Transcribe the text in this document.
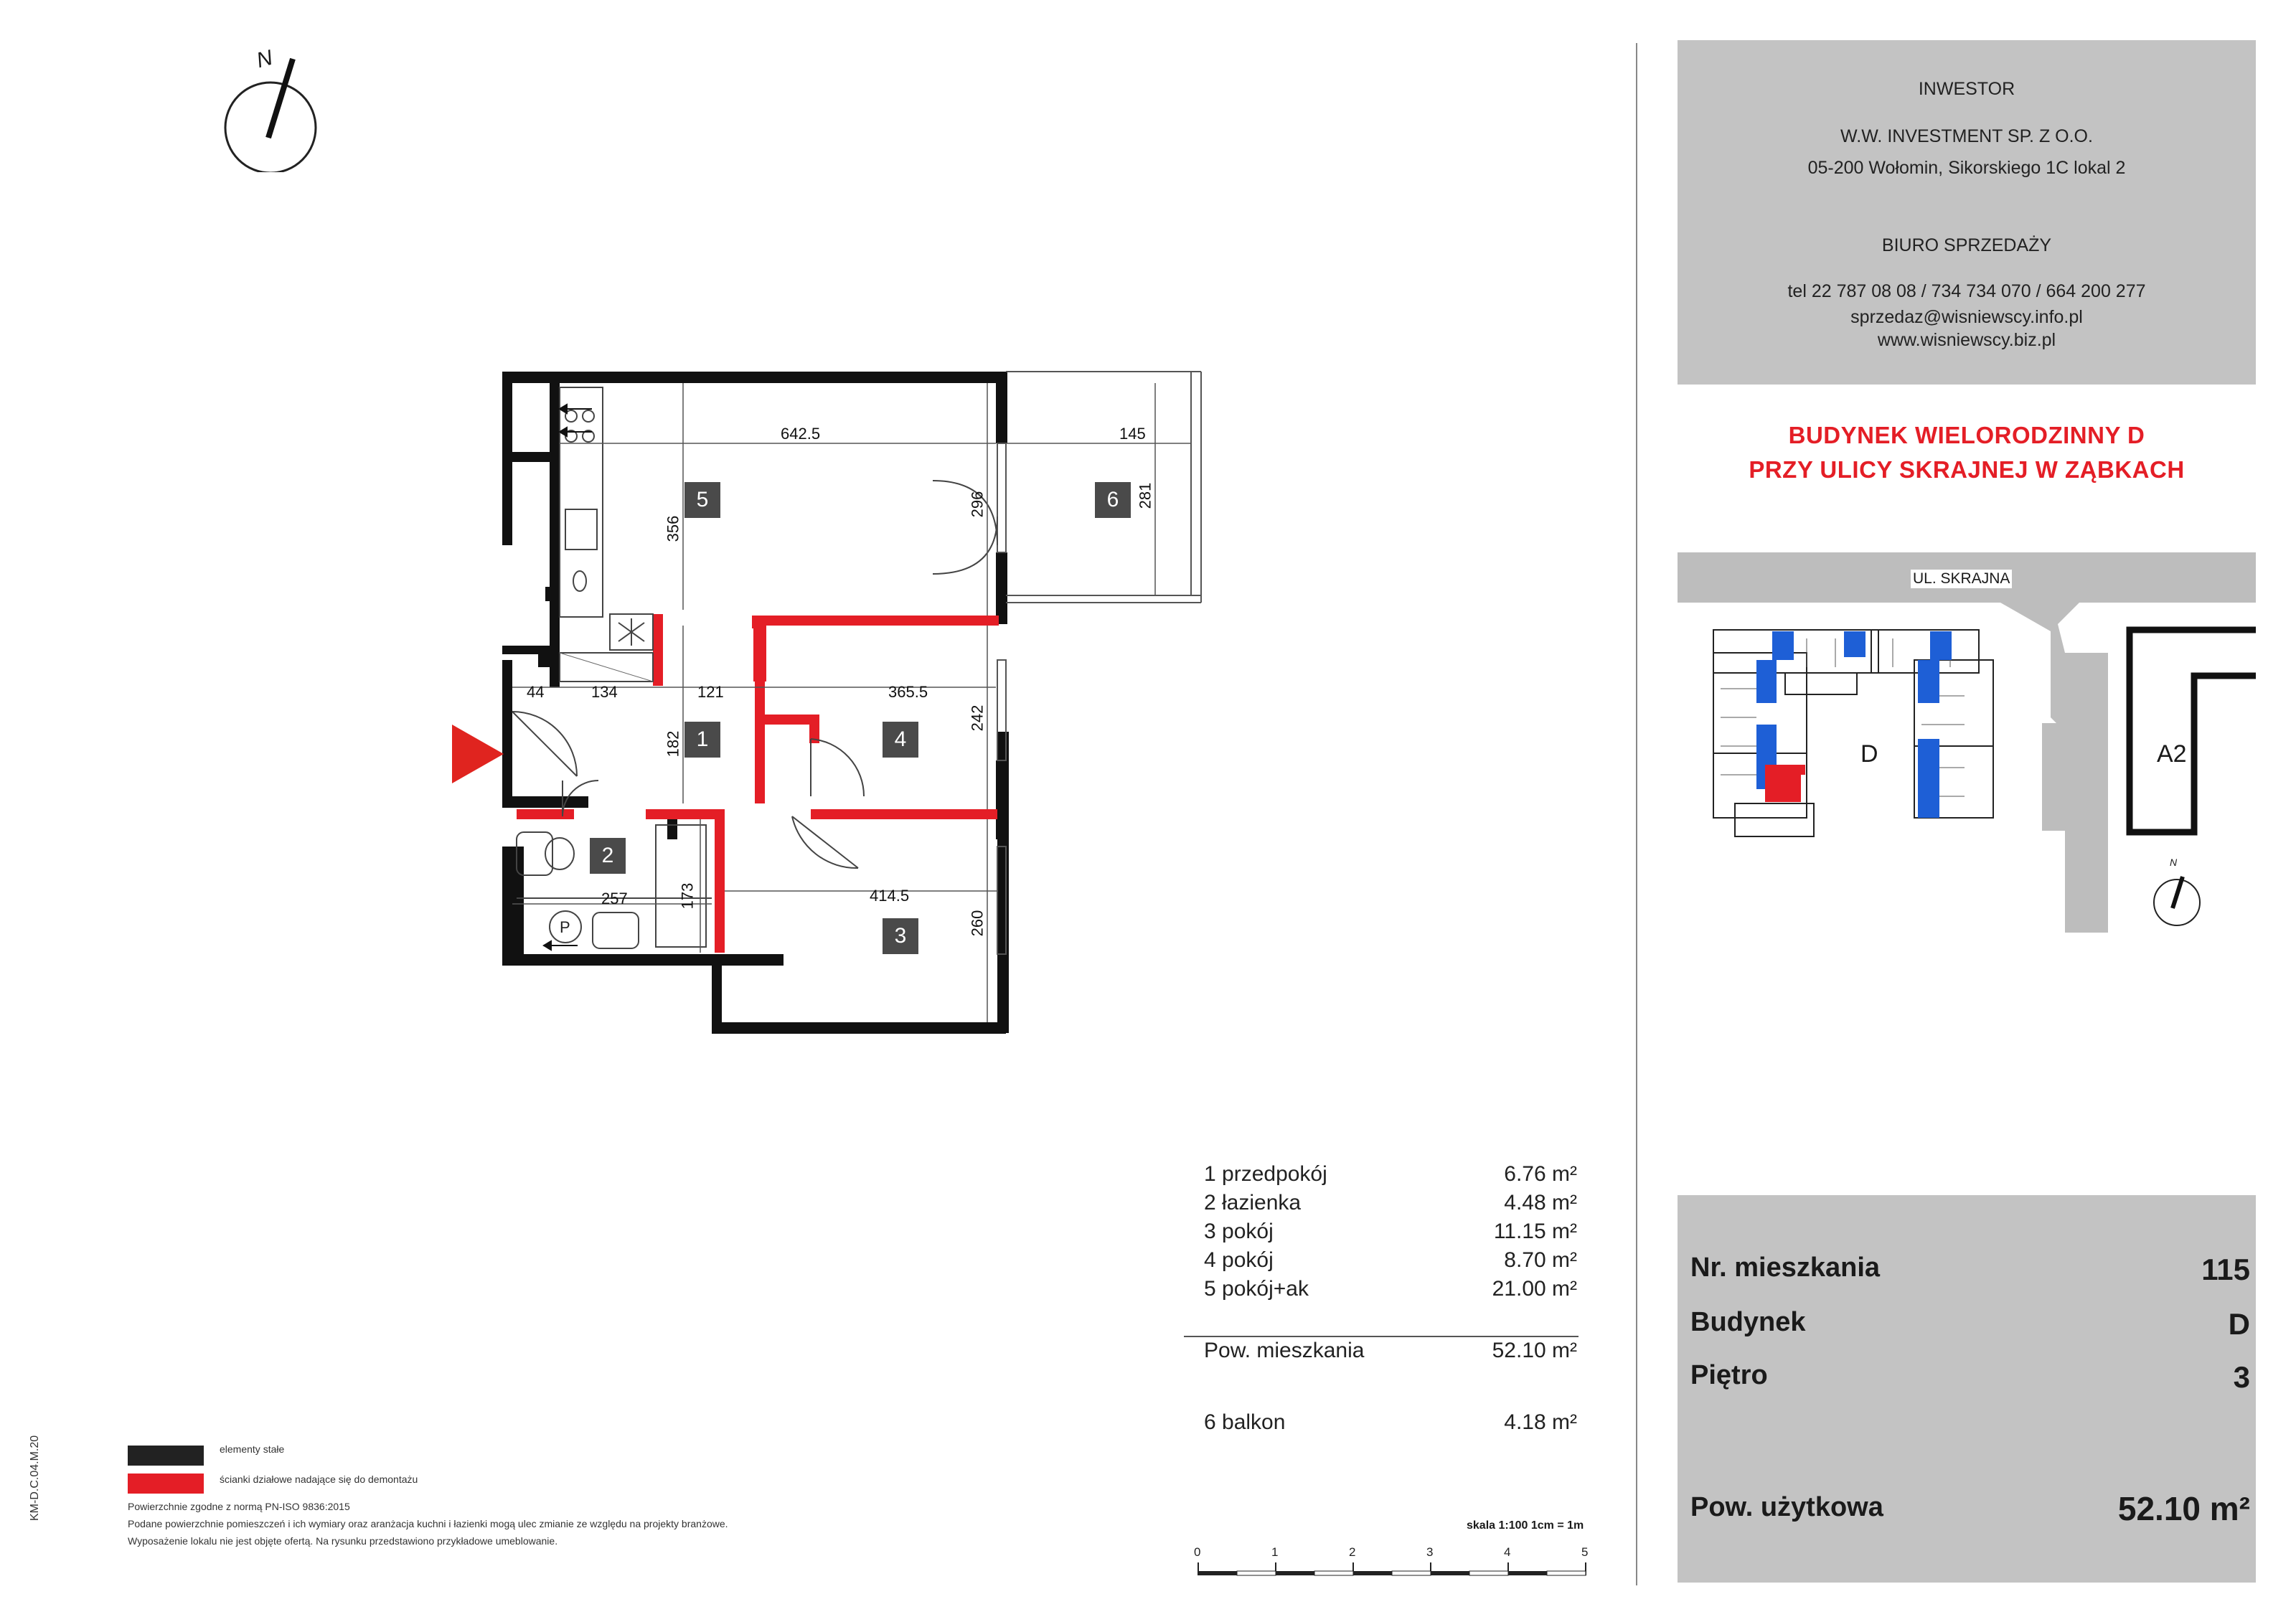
N
INWESTOR
W.W. INVESTMENT SP. Z O.O.
05-200 Wołomin, Sikorskiego 1C lokal 2
BIURO SPRZEDAŻY
tel 22 787 08 08 / 734 734 070 / 664 200 277
sprzedaz@wisniewscy.info.pl
www.wisniewscy.biz.pl
BUDYNEK WIELORODZINNY D
PRZY ULICY SKRAJNEJ W ZĄBKACH
UL. SKRAJNA
D	A2
N
P
5	6
1	4
2
3
642.5	145
356
296	281
44	134	121	365.5
182
242
257	173	414.5
260
1 przedpokój	6.76 m²
2 łazienka	4.48 m²
3 pokój	11.15 m²
4 pokój	8.70 m²
5 pokój+ak	21.00 m²
Pow. mieszkania	52.10 m²
6 balkon	4.18 m²
skala 1:100 1cm = 1m
0	1	2	3	4	5
elementy stałe
ścianki działowe nadające się do demontażu
Powierzchnie zgodne z normą PN-ISO 9836:2015
Podane powierzchnie pomieszczeń i ich wymiary oraz aranżacja kuchni i łazienki mogą ulec zmianie ze względu na projekty branżowe.
Wyposażenie lokalu nie jest objęte ofertą. Na rysunku przedstawiono przykładowe umeblowanie.
KM-D.C.04.M.20
Nr. mieszkania	115
Budynek	D
Piętro	3
Pow. użytkowa	52.10 m²
